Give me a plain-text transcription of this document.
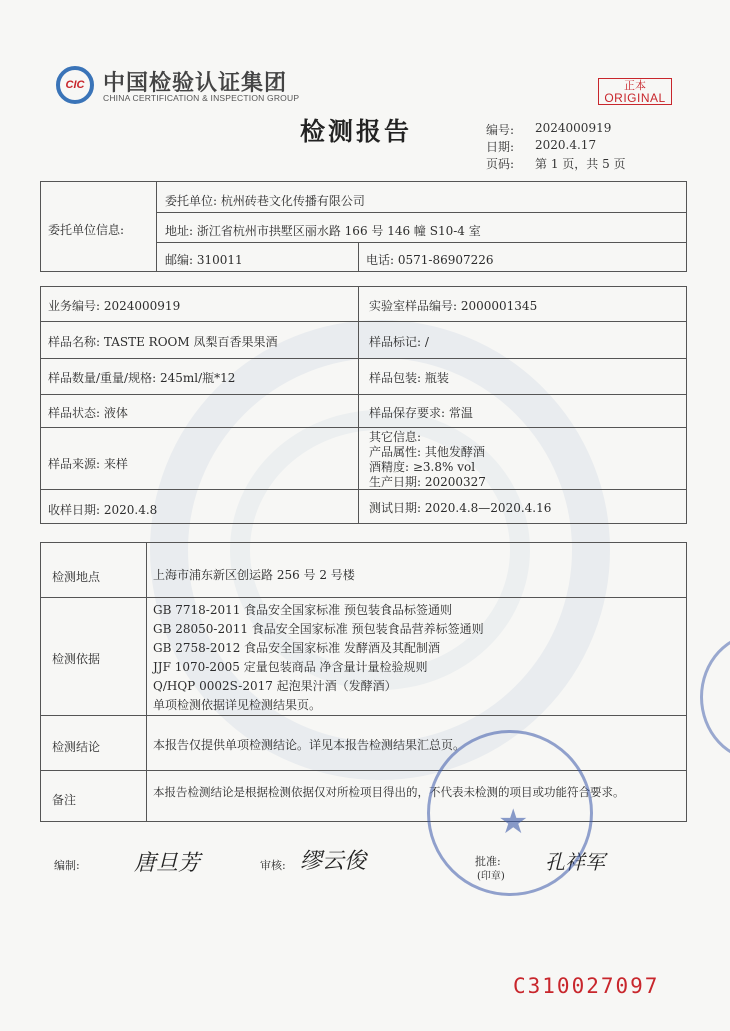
CIC 中国检验认证集团
CHINA CERTIFICATION & INSPECTION GROUP
正本
ORIGINAL
检测报告	编号: 2024000919
日期: 2020.4.17
页码: 第 1 页，共 5 页
委托单位信息:
委托单位: 杭州砖巷文化传播有限公司
地址: 浙江省杭州市拱墅区丽水路 166 号 146 幢 S10-4 室
邮编: 310011	电话: 0571-86907226
业务编号: 2024000919	实验室样品编号: 2000001345
样品名称: TASTE ROOM 凤梨百香果果酒	样品标记: /
样品数量/重量/规格: 245ml/瓶*12	样品包装: 瓶装
样品状态: 液体	样品保存要求: 常温
样品来源: 来样
其它信息:
产品属性: 其他发酵酒
酒精度: ≥3.8% vol
生产日期: 20200327
收样日期: 2020.4.8	测试日期: 2020.4.8—2020.4.16
检测地点	上海市浦东新区创运路 256 号 2 号楼
检测依据
GB 7718-2011 食品安全国家标准 预包装食品标签通则
GB 28050-2011 食品安全国家标准 预包装食品营养标签通则
GB 2758-2012 食品安全国家标准 发酵酒及其配制酒
JJF 1070-2005 定量包装商品 净含量计量检验规则
Q/HQP 0002S-2017 起泡果汁酒（发酵酒）
单项检测依据详见检测结果页。
检测结论	本报告仅提供单项检测结论。详见本报告检测结果汇总页。
备注
本报告检测结论是根据检测依据仅对所检项目得出的，不代表未检测的项目或功能符合要求。
编制: 唐旦芳	审核: 缪云俊	批准:
(印章)
孔祥军
★
C310027097
